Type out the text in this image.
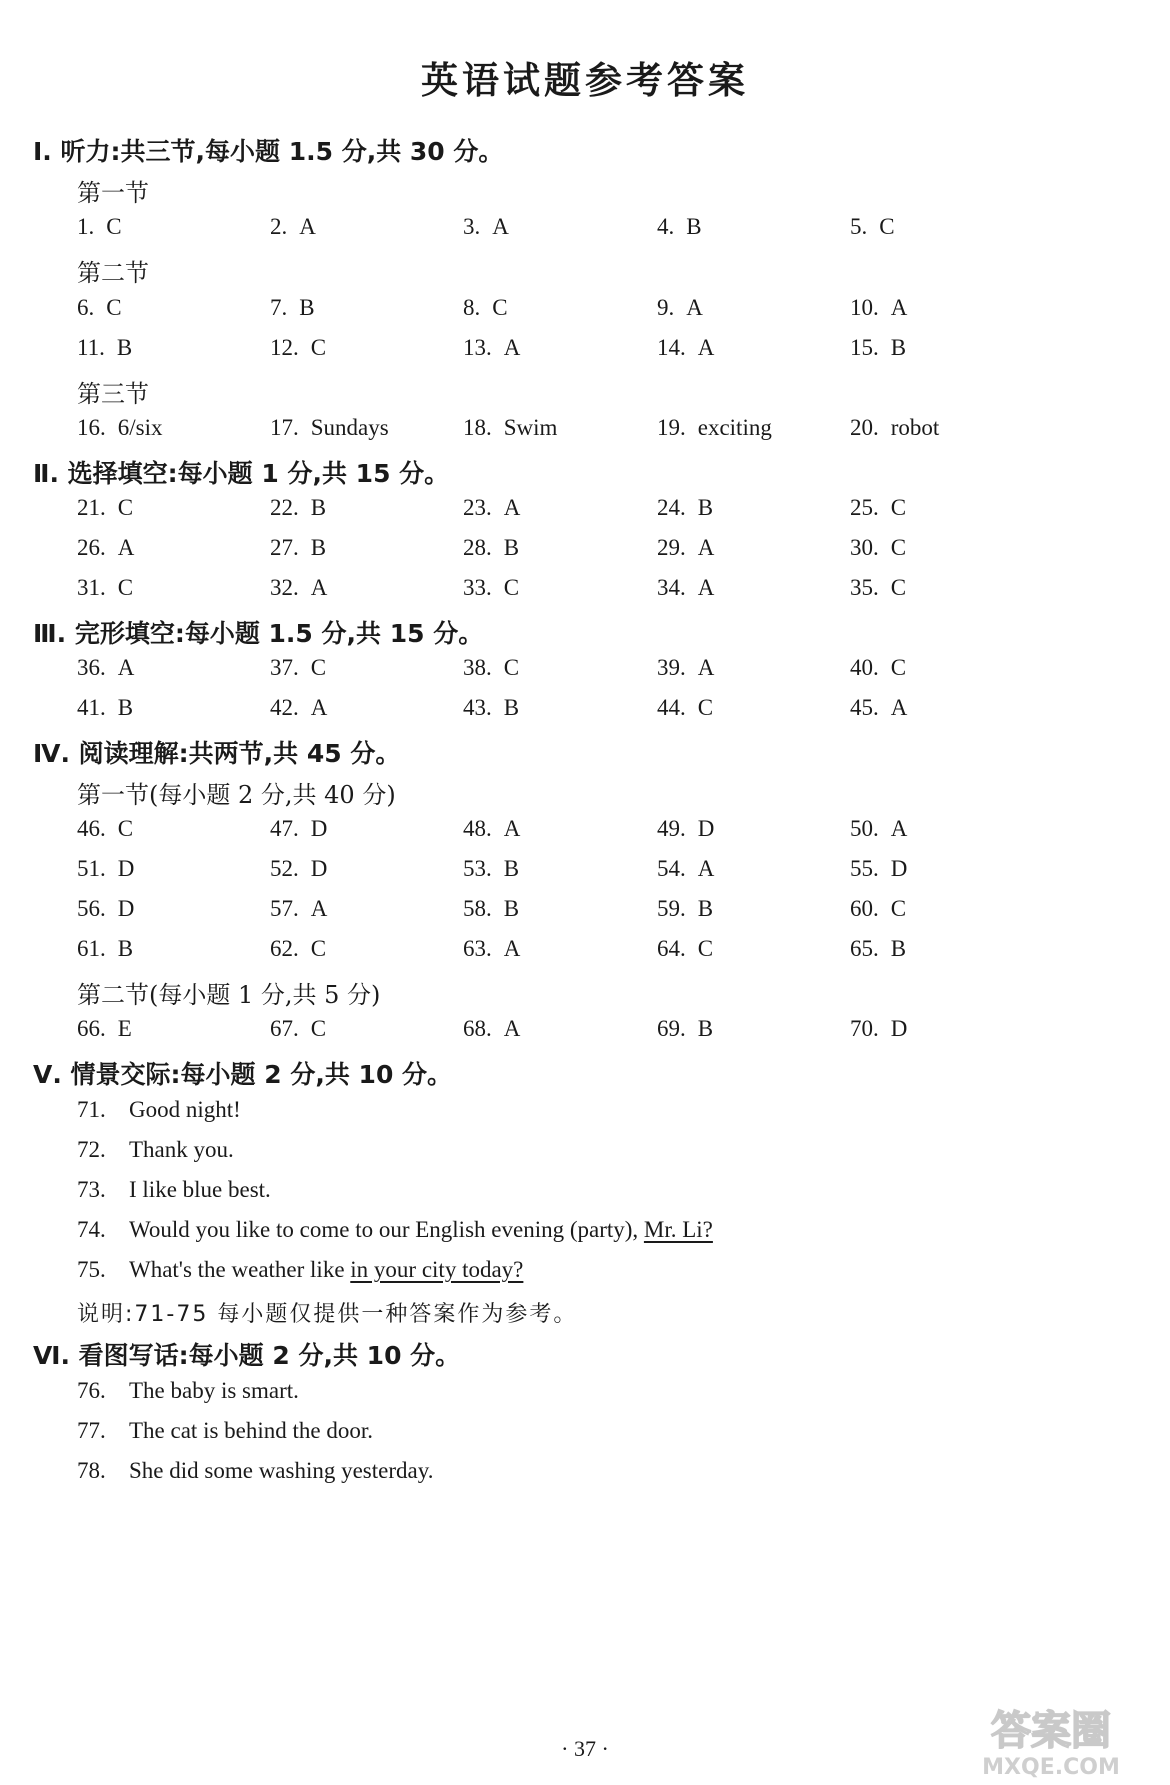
英语试题参考答案
Ⅰ. 听力:共三节,每小题 1.5 分,共 30 分。
第一节
1. C	2. A	3. A	4. B	5. C
第二节
6. C	7. B	8. C	9. A	10. A
11. B	12. C	13. A	14. A	15. B
第三节
16. 6/six	17. Sundays	18. Swim	19. exciting	20. robot
Ⅱ. 选择填空:每小题 1 分,共 15 分。
21. C	22. B	23. A	24. B	25. C
26. A	27. B	28. B	29. A	30. C
31. C	32. A	33. C	34. A	35. C
Ⅲ. 完形填空:每小题 1.5 分,共 15 分。
36. A	37. C	38. C	39. A	40. C
41. B	42. A	43. B	44. C	45. A
Ⅳ. 阅读理解:共两节,共 45 分。
第一节(每小题 2 分,共 40 分)
46. C	47. D	48. A	49. D	50. A
51. D	52. D	53. B	54. A	55. D
56. D	57. A	58. B	59. B	60. C
61. B	62. C	63. A	64. C	65. B
第二节(每小题 1 分,共 5 分)
66. E	67. C	68. A	69. B	70. D
Ⅴ. 情景交际:每小题 2 分,共 10 分。
71. Good night!
72. Thank you.
73. I like blue best.
74. Would you like to come to our English evening (party), Mr. Li?
75. What's the weather like in your city today?
说明:71-75 每小题仅提供一种答案作为参考。
Ⅵ. 看图写话:每小题 2 分,共 10 分。
76. The baby is smart.
77. The cat is behind the door.
78. She did some washing yesterday.
· 37 ·	答案圈
MXQE.COM
